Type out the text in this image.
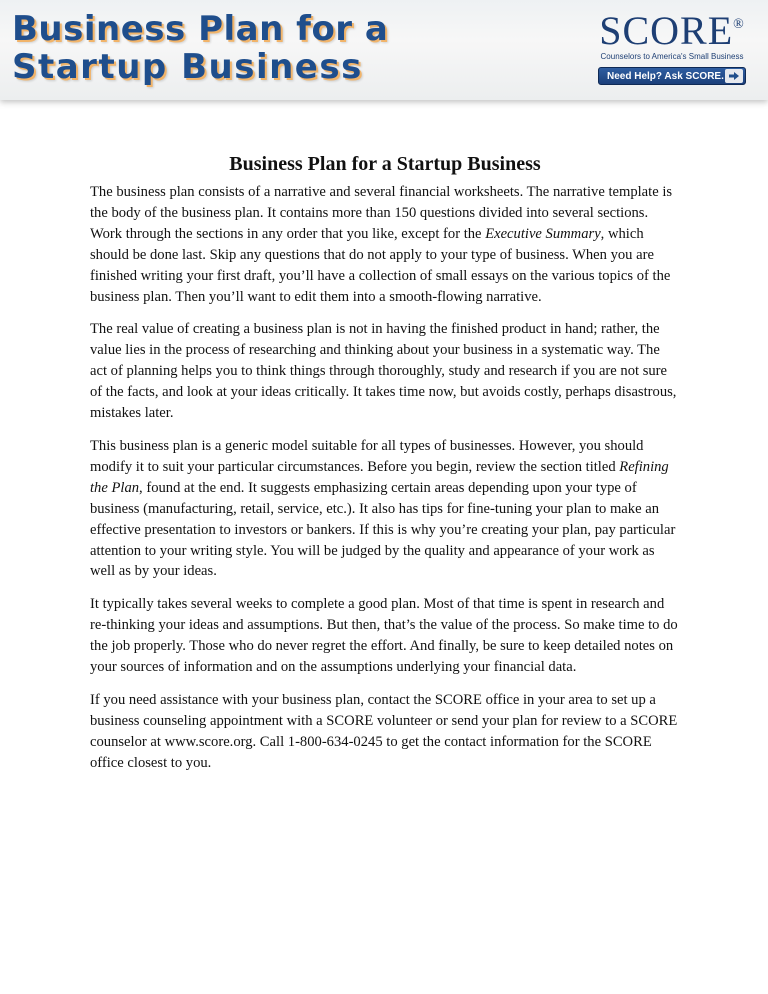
Business Plan for a
Startup Business
SCORE®
Counselors to America's Small Business
Need Help? Ask SCORE.
Business Plan for a Startup Business

The business plan consists of a narrative and several financial worksheets. The narrative template is the body of the business plan. It contains more than 150 questions divided into several sections. Work through the sections in any order that you like, except for the Executive Summary, which should be done last. Skip any questions that do not apply to your type of business. When you are finished writing your first draft, you’ll have a collection of small essays on the various topics of the business plan. Then you’ll want to edit them into a smooth-flowing narrative.

The real value of creating a business plan is not in having the finished product in hand; rather, the value lies in the process of researching and thinking about your business in a systematic way. The act of planning helps you to think things through thoroughly, study and research if you are not sure of the facts, and look at your ideas critically. It takes time now, but avoids costly, perhaps disastrous, mistakes later.

This business plan is a generic model suitable for all types of businesses. However, you should modify it to suit your particular circumstances. Before you begin, review the section titled Refining the Plan, found at the end. It suggests emphasizing certain areas depending upon your type of business (manufacturing, retail, service, etc.). It also has tips for fine-tuning your plan to make an effective presentation to investors or bankers. If this is why you’re creating your plan, pay particular attention to your writing style. You will be judged by the quality and appearance of your work as well as by your ideas.

It typically takes several weeks to complete a good plan. Most of that time is spent in research and re-thinking your ideas and assumptions. But then, that’s the value of the process. So make time to do the job properly. Those who do never regret the effort. And finally, be sure to keep detailed notes on your sources of information and on the assumptions underlying your financial data.

If you need assistance with your business plan, contact the SCORE office in your area to set up a business counseling appointment with a SCORE volunteer or send your plan for review to a SCORE counselor at www.score.org. Call 1-800-634-0245 to get the contact information for the SCORE office closest to you.
